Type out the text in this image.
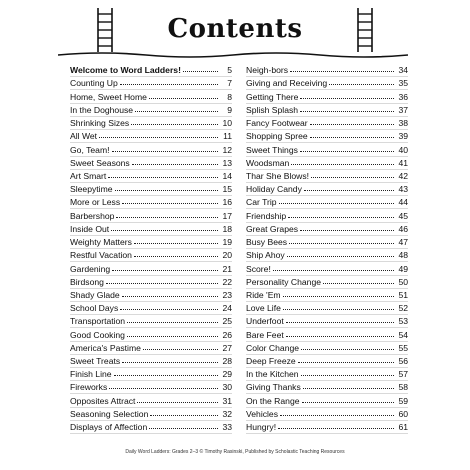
Contents
Welcome to Word Ladders!	5
Counting Up	7
Home, Sweet Home	8
In the Doghouse	9
Shrinking Sizes	10
All Wet	11
Go, Team!	12
Sweet Seasons	13
Art Smart	14
Sleepytime	15
More or Less	16
Barbershop	17
Inside Out	18
Weighty Matters	19
Restful Vacation	20
Gardening	21
Birdsong	22
Shady Glade	23
School Days	24
Transportation	25
Good Cooking	26
America's Pastime	27
Sweet Treats	28
Finish Line	29
Fireworks	30
Opposites Attract	31
Seasoning Selection	32
Displays of Affection	33
Neigh-bors	34
Giving and Receiving	35
Getting There	36
Splish Splash	37
Fancy Footwear	38
Shopping Spree	39
Sweet Things	40
Woodsman	41
Thar She Blows!	42
Holiday Candy	43
Car Trip	44
Friendship	45
Great Grapes	46
Busy Bees	47
Ship Ahoy	48
Score!	49
Personality Change	50
Ride 'Em	51
Love Life	52
Underfoot	53
Bare Feet	54
Color Change	55
Deep Freeze	56
In the Kitchen	57
Giving Thanks	58
On the Range	59
Vehicles	60
Hungry!	61
Daily Word Ladders: Grades 2–3 © Timothy Rasinski, Published by Scholastic Teaching Resources
